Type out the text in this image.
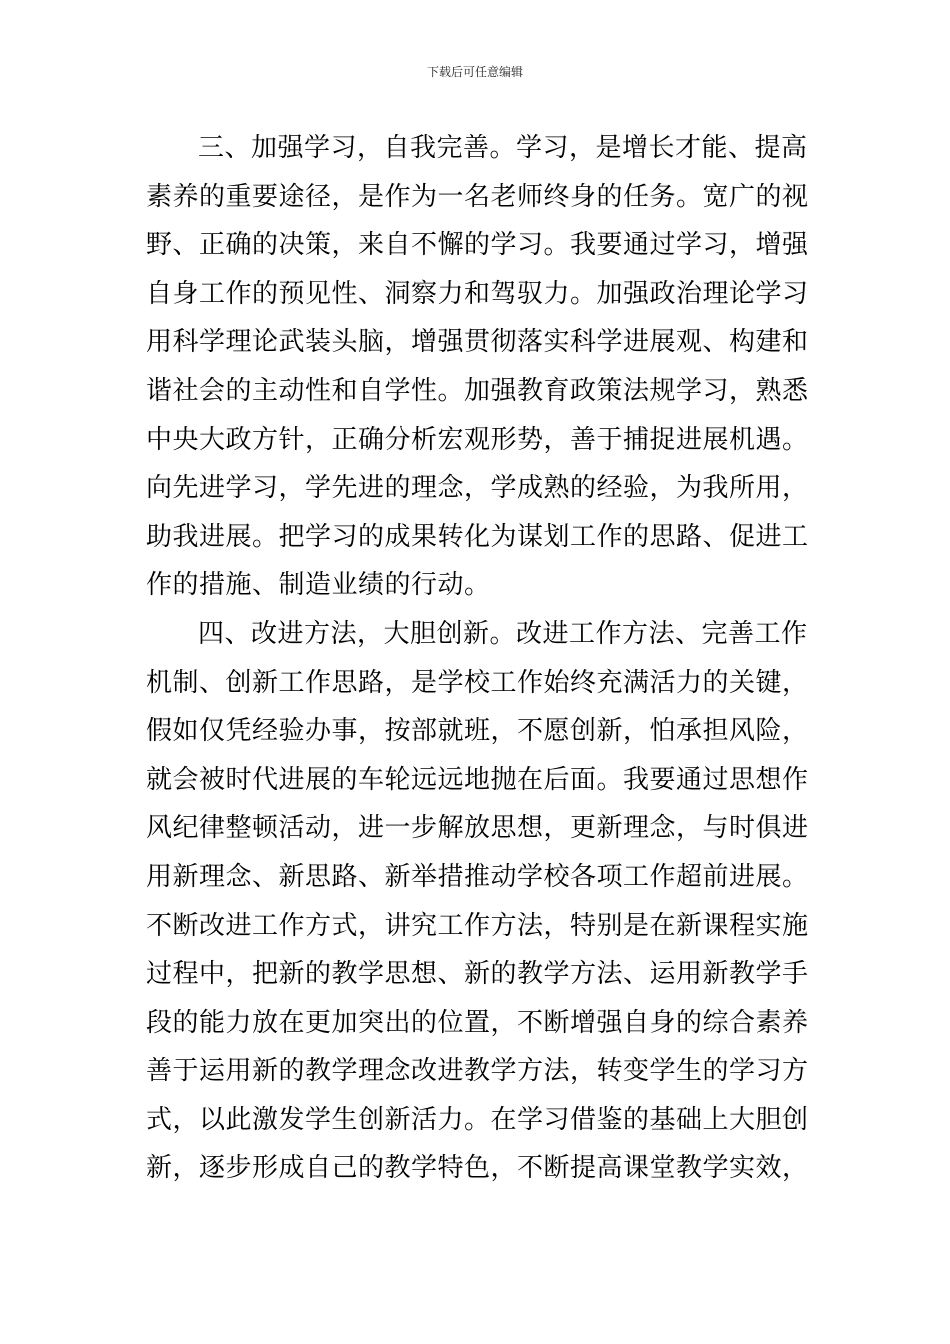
下载后可任意编辑
三、加强学习，自我完善。学习，是增长才能、提高
素养的重要途径，是作为一名老师终身的任务。宽广的视
野、正确的决策，来自不懈的学习。我要通过学习，增强
自身工作的预见性、洞察力和驾驭力。加强政治理论学习
用科学理论武装头脑，增强贯彻落实科学进展观、构建和
谐社会的主动性和自学性。加强教育政策法规学习，熟悉
中央大政方针，正确分析宏观形势，善于捕捉进展机遇。
向先进学习，学先进的理念，学成熟的经验，为我所用，
助我进展。把学习的成果转化为谋划工作的思路、促进工
作的措施、制造业绩的行动。
四、改进方法，大胆创新。改进工作方法、完善工作
机制、创新工作思路，是学校工作始终充满活力的关键，
假如仅凭经验办事，按部就班，不愿创新，怕承担风险，
就会被时代进展的车轮远远地抛在后面。我要通过思想作
风纪律整顿活动，进一步解放思想，更新理念，与时俱进
用新理念、新思路、新举措推动学校各项工作超前进展。
不断改进工作方式，讲究工作方法，特别是在新课程实施
过程中，把新的教学思想、新的教学方法、运用新教学手
段的能力放在更加突出的位置，不断增强自身的综合素养
善于运用新的教学理念改进教学方法，转变学生的学习方
式，以此激发学生创新活力。在学习借鉴的基础上大胆创
新，逐步形成自己的教学特色，不断提高课堂教学实效，
